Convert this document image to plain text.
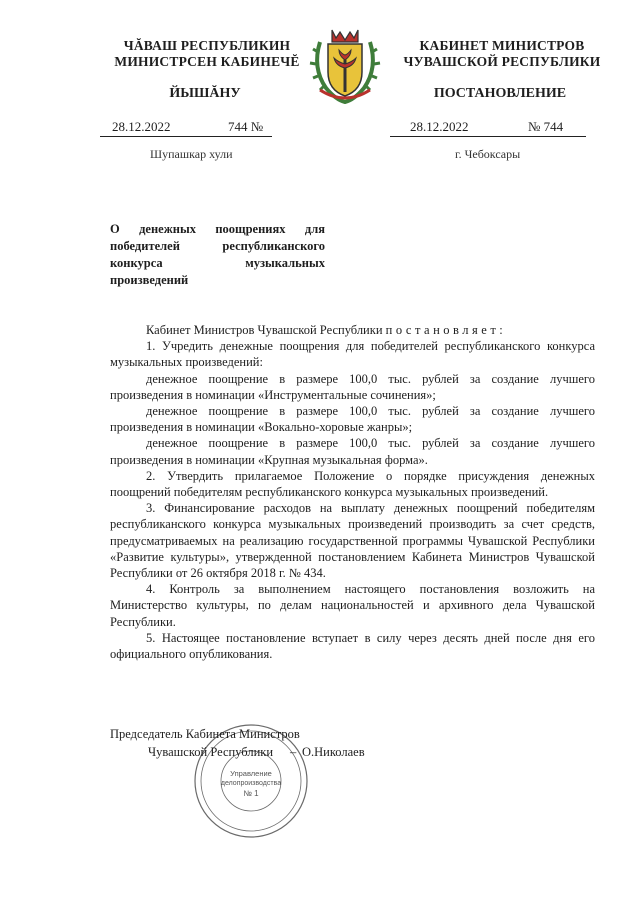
ЧĂВАШ РЕСПУБЛИКИН
МИНИСТРСЕН КАБИНЕЧĔ
ЙЫШĂНУ
КАБИНЕТ МИНИСТРОВ
ЧУВАШСКОЙ РЕСПУБЛИКИ
ПОСТАНОВЛЕНИЕ
28.12.2022	744 №	28.12.2022	№ 744
Шупашкар хули	г. Чебоксары
О денежных поощрениях для победителей республиканского конкурса музыкальных произведений

Кабинет Министров Чувашской Республики постановляет:

1. Учредить денежные поощрения для победителей республиканского конкурса музыкальных произведений:

денежное поощрение в размере 100,0 тыс. рублей за создание лучшего произведения в номинации «Инструментальные сочинения»;

денежное поощрение в размере 100,0 тыс. рублей за создание лучшего произведения в номинации «Вокально-хоровые жанры»;

денежное поощрение в размере 100,0 тыс. рублей за создание лучшего произведения в номинации «Крупная музыкальная форма».

2. Утвердить прилагаемое Положение о порядке присуждения денежных поощрений победителям республиканского конкурса музыкальных произведений.

3. Финансирование расходов на выплату денежных поощрений победителям республиканского конкурса музыкальных произведений производить за счет средств, предусматриваемых на реализацию государственной программы Чувашской Республики «Развитие культуры», утвержденной постановлением Кабинета Министров Чувашской Республики от 26 октября 2018 г. № 434.

4. Контроль за выполнением настоящего постановления возложить на Министерство культуры, по делам национальностей и архивного дела Чувашской Республики.

5. Настоящее постановление вступает в силу через десять дней после дня его официального опубликования.

Управление
делопроизводства
№ 1
Председатель Кабинета Министров
Чувашской Республики – О.Николаев
